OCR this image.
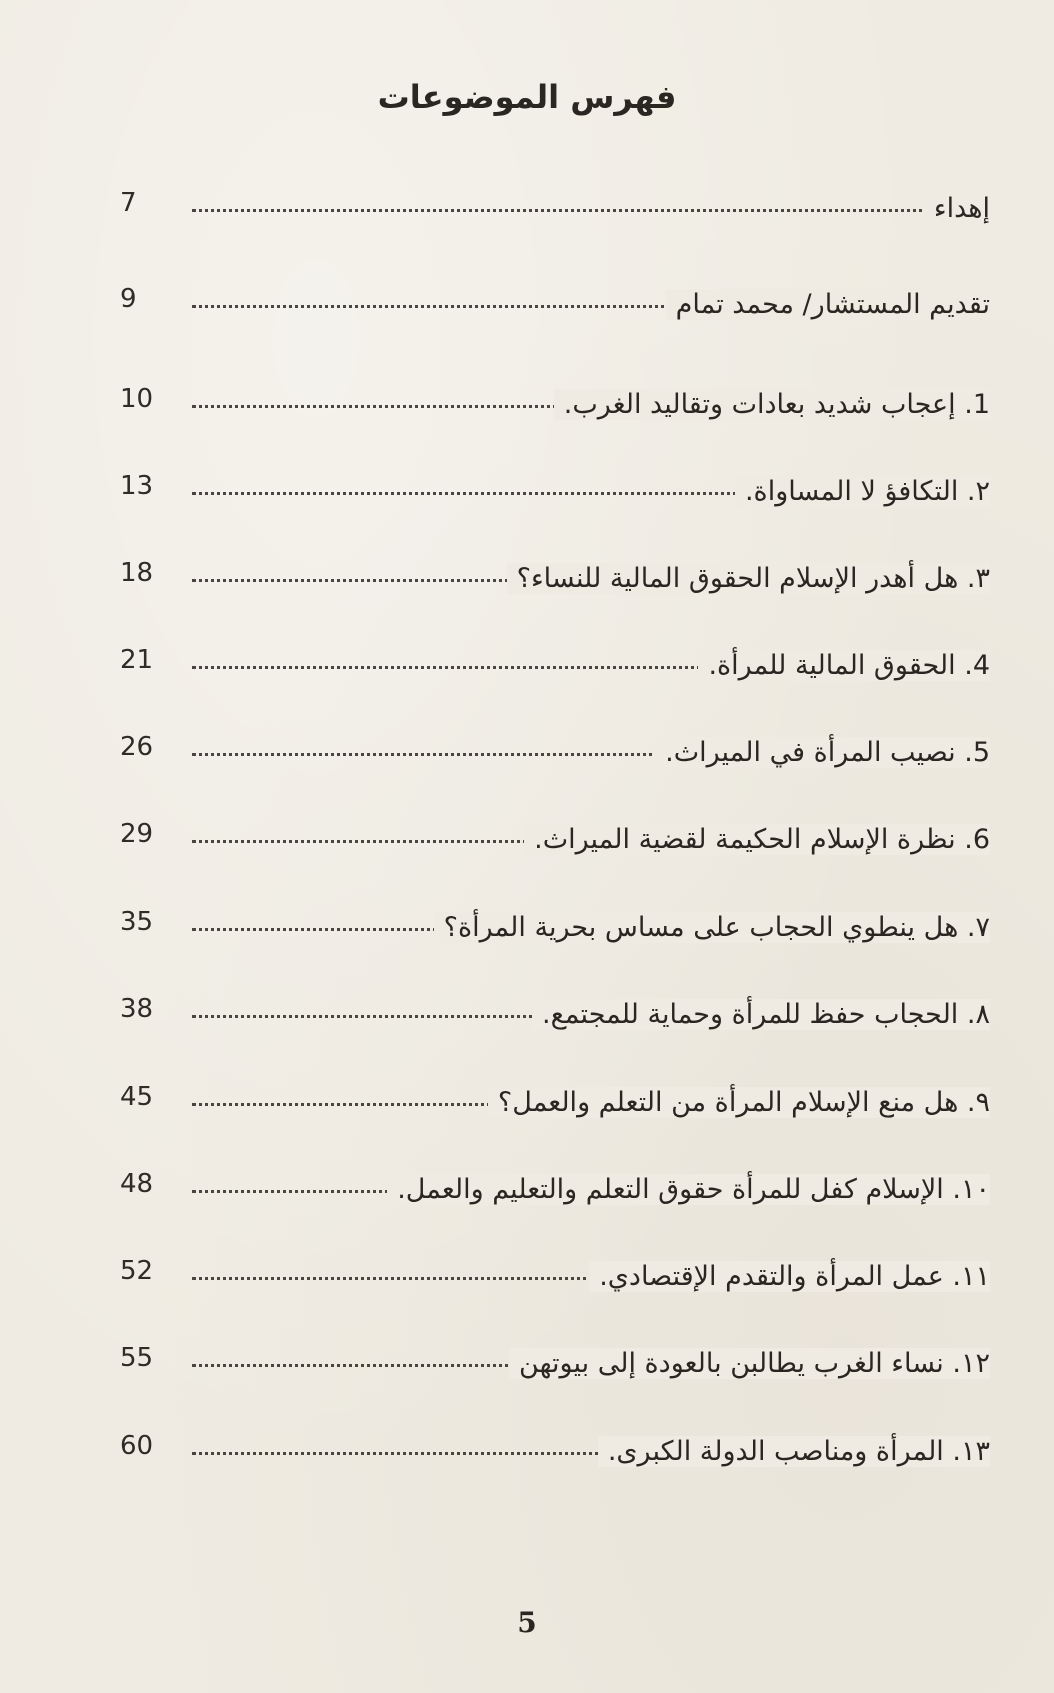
فهرس الموضوعات
7	إهداء
9	تقديم المستشار/ محمد تمام
10	1. إعجاب شديد بعادات وتقاليد الغرب.
13	٢. التكافؤ لا المساواة.
18	٣. هل أهدر الإسلام الحقوق المالية للنساء؟
21	4. الحقوق المالية للمرأة.
26	5. نصيب المرأة في الميراث.
29	6. نظرة الإسلام الحكيمة لقضية الميراث.
35	٧. هل ينطوي الحجاب على مساس بحرية المرأة؟
38	٨. الحجاب حفظ للمرأة وحماية للمجتمع.
45	٩. هل منع الإسلام المرأة من التعلم والعمل؟
48	١٠. الإسلام كفل للمرأة حقوق التعلم والتعليم والعمل.
52	١١. عمل المرأة والتقدم الإقتصادي.
55	١٢. نساء الغرب يطالبن بالعودة إلى بيوتهن
60	١٣. المرأة ومناصب الدولة الكبرى.
5
